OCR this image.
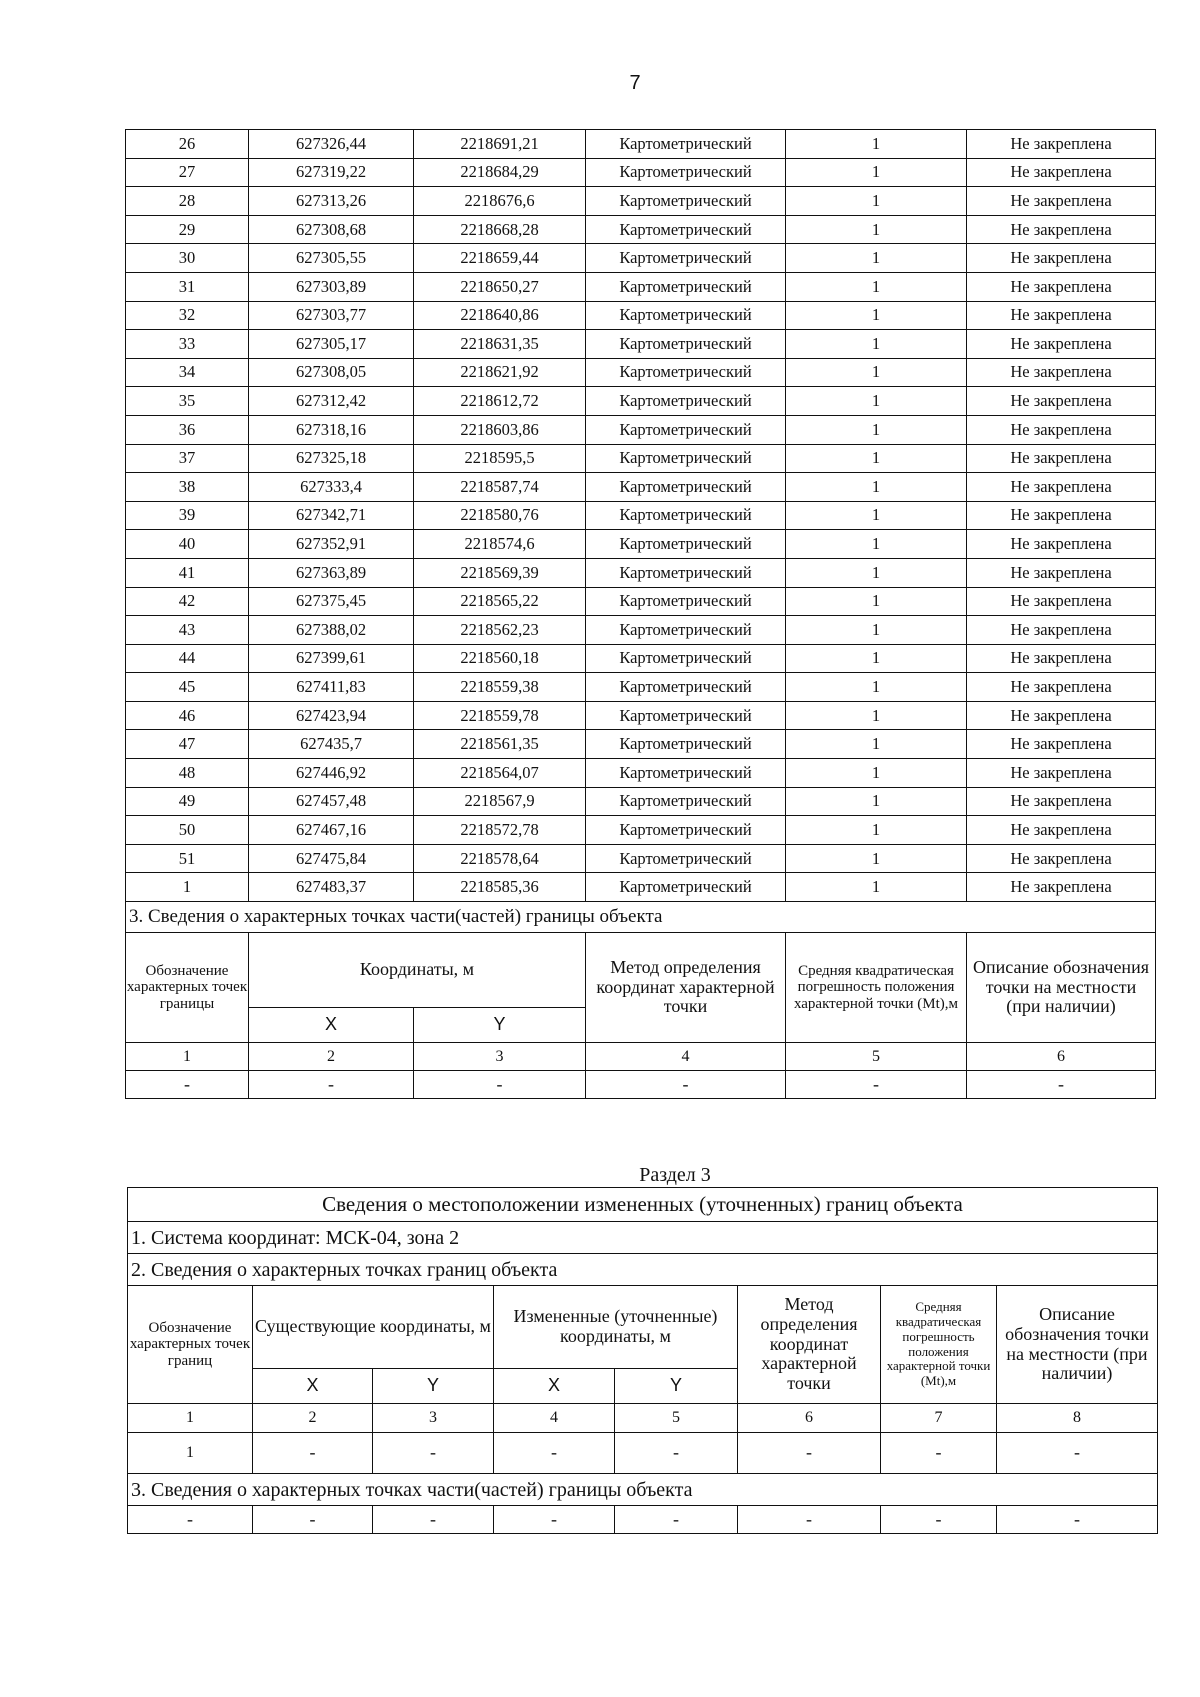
7
26	627326,44	2218691,21	Картометрический	1	Не закреплена
27	627319,22	2218684,29	Картометрический	1	Не закреплена
28	627313,26	2218676,6	Картометрический	1	Не закреплена
29	627308,68	2218668,28	Картометрический	1	Не закреплена
30	627305,55	2218659,44	Картометрический	1	Не закреплена
31	627303,89	2218650,27	Картометрический	1	Не закреплена
32	627303,77	2218640,86	Картометрический	1	Не закреплена
33	627305,17	2218631,35	Картометрический	1	Не закреплена
34	627308,05	2218621,92	Картометрический	1	Не закреплена
35	627312,42	2218612,72	Картометрический	1	Не закреплена
36	627318,16	2218603,86	Картометрический	1	Не закреплена
37	627325,18	2218595,5	Картометрический	1	Не закреплена
38	627333,4	2218587,74	Картометрический	1	Не закреплена
39	627342,71	2218580,76	Картометрический	1	Не закреплена
40	627352,91	2218574,6	Картометрический	1	Не закреплена
41	627363,89	2218569,39	Картометрический	1	Не закреплена
42	627375,45	2218565,22	Картометрический	1	Не закреплена
43	627388,02	2218562,23	Картометрический	1	Не закреплена
44	627399,61	2218560,18	Картометрический	1	Не закреплена
45	627411,83	2218559,38	Картометрический	1	Не закреплена
46	627423,94	2218559,78	Картометрический	1	Не закреплена
47	627435,7	2218561,35	Картометрический	1	Не закреплена
48	627446,92	2218564,07	Картометрический	1	Не закреплена
49	627457,48	2218567,9	Картометрический	1	Не закреплена
50	627467,16	2218572,78	Картометрический	1	Не закреплена
51	627475,84	2218578,64	Картометрический	1	Не закреплена
1	627483,37	2218585,36	Картометрический	1	Не закреплена
3. Сведения о характерных точках части(частей) границы объекта					
Обозначение характерных точек границы	Координаты, м		Метод определения координат характерной точки	Средняя квадратическая погрешность положения характерной точки (Mt),м	Описание обозначения точки на местности (при наличии)
	X	Y			
1	2	3	4	5	6
-	-	-	-	-	-
Раздел 3
Сведения о местоположении измененных (уточненных) границ объекта							
1. Система координат: МСК-04, зона 2							
2. Сведения о характерных точках границ объекта							
Обозначение характерных точек границ	Существующие координаты, м		Измененные (уточненные) координаты, м		Метод определения координат характерной точки	Средняя квадратическая погрешность положения характерной точки (Mt),м	Описание обозначения точки на местности (при наличии)
	X	Y	X	Y			
1	2	3	4	5	6	7	8
1	-	-	-	-	-	-	-
3. Сведения о характерных точках части(частей) границы объекта							
-	-	-	-	-	-	-	-
